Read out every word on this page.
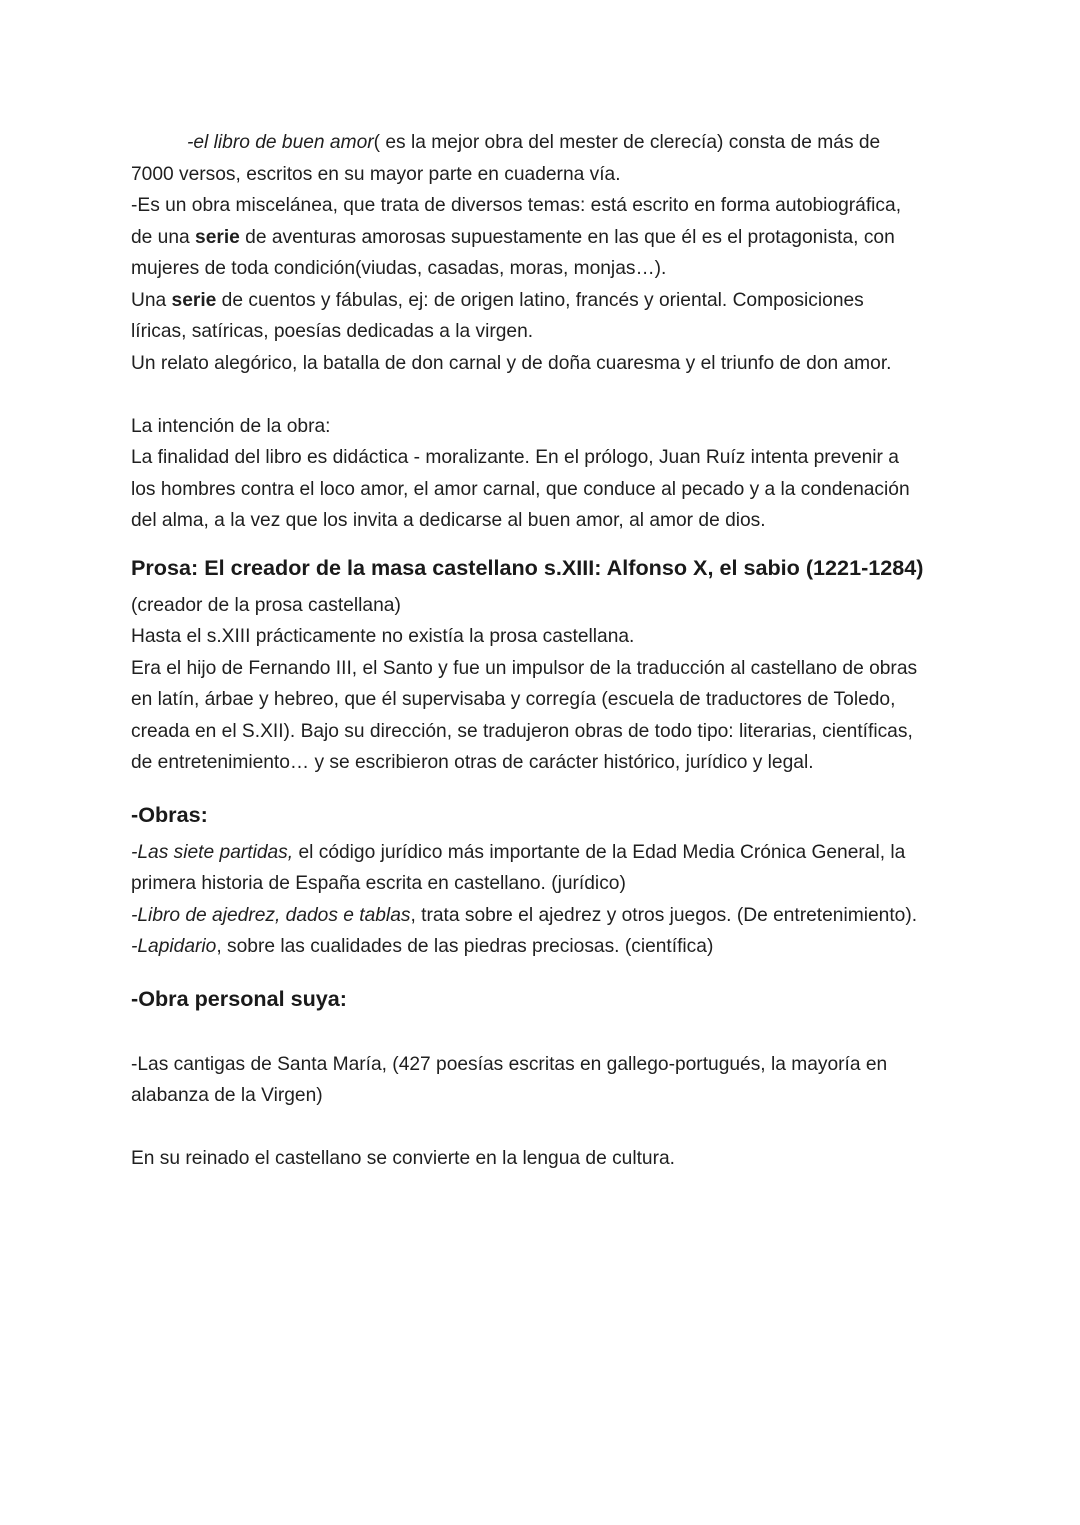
-el libro de buen amor( es la mejor obra del mester de clerecía) consta de más de

7000 versos, escritos en su mayor parte en cuaderna vía.

-Es un obra miscelánea, que trata de diversos temas: está escrito en forma autobiográfica,

de una serie de aventuras amorosas supuestamente en las que él es el protagonista, con

mujeres de toda condición(viudas, casadas, moras, monjas…).

Una serie de cuentos y fábulas, ej: de origen latino, francés y oriental. Composiciones

líricas, satíricas, poesías dedicadas a la virgen.

Un relato alegórico, la batalla de don carnal y de doña cuaresma y el triunfo de don amor.

La intención de la obra:

La finalidad del libro es didáctica - moralizante. En el prólogo, Juan Ruíz intenta prevenir a

los hombres contra el loco amor, el amor carnal, que conduce al pecado y a la condenación

del alma, a la vez que los invita a dedicarse al buen amor, al amor de dios.

Prosa: El creador de la masa castellano s.XIII: Alfonso X, el sabio (1221-1284)

(creador de la prosa castellana)

Hasta el s.XIII prácticamente no existía la prosa castellana.

Era el hijo de Fernando III, el Santo y fue un impulsor de la traducción al castellano de obras

en latín, árbae y hebreo, que él supervisaba y corregía (escuela de traductores de Toledo,

creada en el S.XII). Bajo su dirección, se tradujeron obras de todo tipo: literarias, científicas,

de entretenimiento… y se escribieron otras de carácter histórico, jurídico y legal.

-Obras:

-Las siete partidas, el código jurídico más importante de la Edad Media Crónica General, la

primera historia de España escrita en castellano. (jurídico)

-Libro de ajedrez, dados e tablas, trata sobre el ajedrez y otros juegos. (De entretenimiento).

-Lapidario, sobre las cualidades de las piedras preciosas. (científica)

-Obra personal suya:

-Las cantigas de Santa María, (427 poesías escritas en gallego-portugués, la mayoría en

alabanza de la Virgen)

En su reinado el castellano se convierte en la lengua de cultura.
